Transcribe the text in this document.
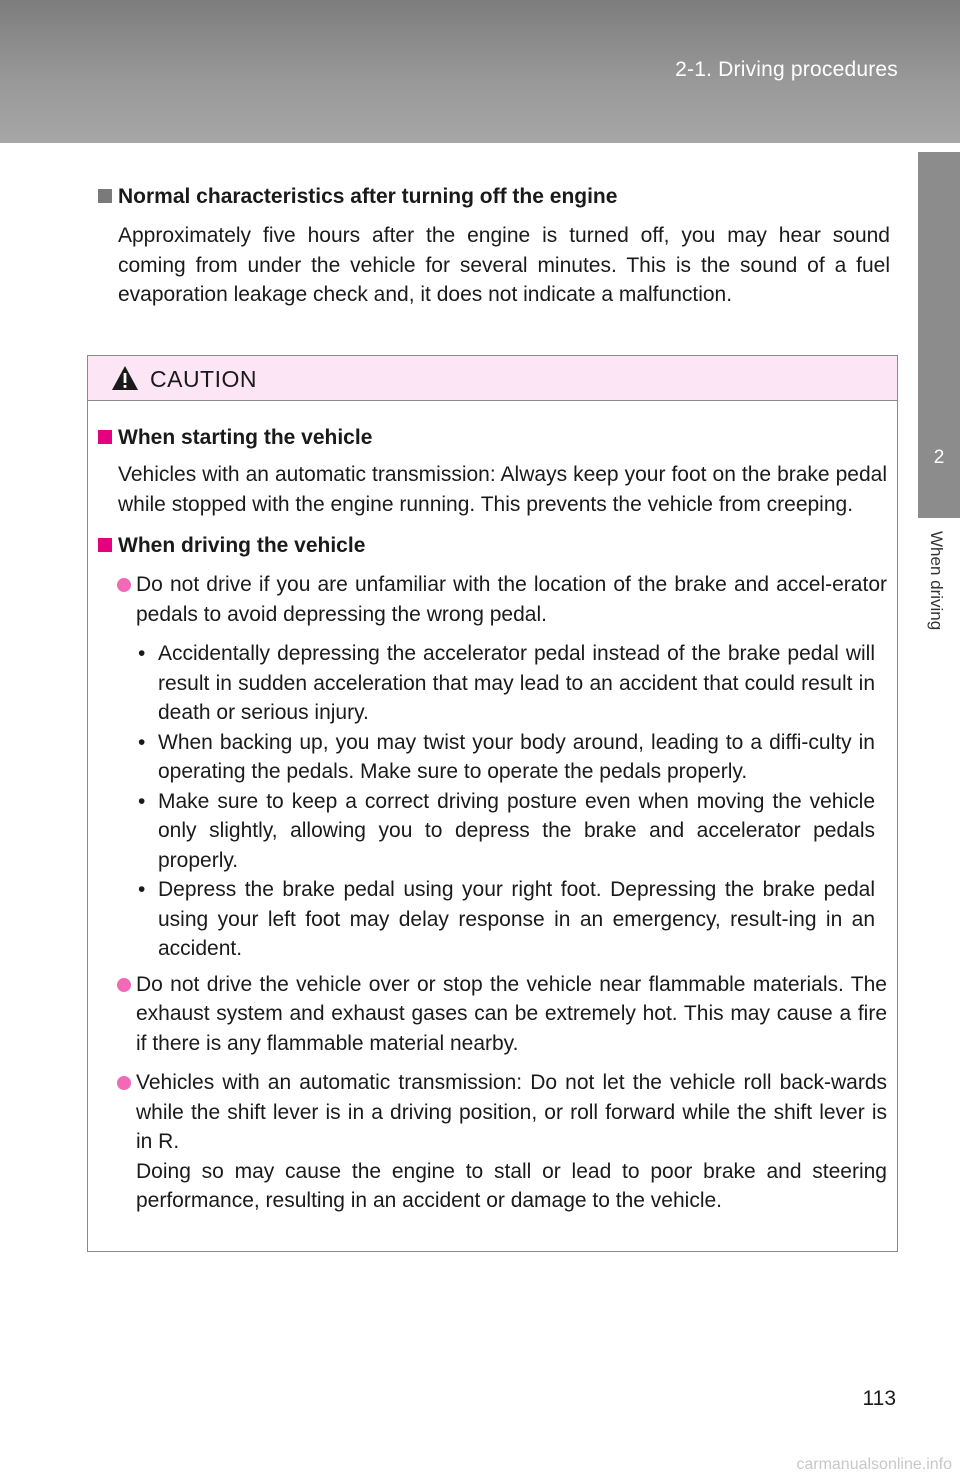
2-1. Driving procedures
2
When driving

Normal characteristics after turning off the engine

Approximately five hours after the engine is turned off, you may hear sound coming from under the vehicle for several minutes. This is the sound of a fuel evaporation leakage check and, it does not indicate a malfunction.

CAUTION

When starting the vehicle

Vehicles with an automatic transmission: Always keep your foot on the brake pedal while stopped with the engine running. This prevents the vehicle from creeping.

When driving the vehicle

Do not drive if you are unfamiliar with the location of the brake and accel-erator pedals to avoid depressing the wrong pedal.
• Accidentally depressing the accelerator pedal instead of the brake pedal will result in sudden acceleration that may lead to an accident that could result in death or serious injury.
• When backing up, you may twist your body around, leading to a diffi-culty in operating the pedals. Make sure to operate the pedals properly.
• Make sure to keep a correct driving posture even when moving the vehicle only slightly, allowing you to depress the brake and accelerator pedals properly.
• Depress the brake pedal using your right foot. Depressing the brake pedal using your left foot may delay response in an emergency, result-ing in an accident.
Do not drive the vehicle over or stop the vehicle near flammable materials. The exhaust system and exhaust gases can be extremely hot. This may cause a fire if there is any flammable material nearby.
Vehicles with an automatic transmission: Do not let the vehicle roll back-wards while the shift lever is in a driving position, or roll forward while the shift lever is in R.
Doing so may cause the engine to stall or lead to poor brake and steering performance, resulting in an accident or damage to the vehicle.
113
carmanualsonline.info
